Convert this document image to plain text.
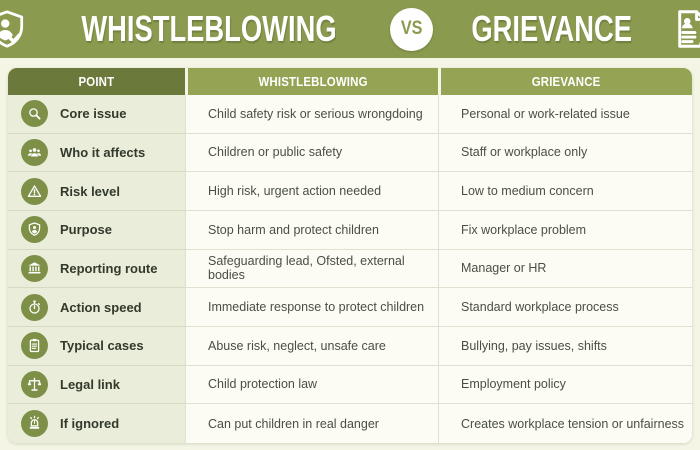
WHISTLEBLOWING	VS GRIEVANCE
POINT	WHISTLEBLOWING	GRIEVANCE
Core issue	Child safety risk or serious wrongdoing	Personal or work-related issue
Who it affects	Children or public safety	Staff or workplace only
Risk level	High risk, urgent action needed	Low to medium concern
Purpose	Stop harm and protect children	Fix workplace problem
Reporting route	Safeguarding lead, Ofsted, external bodies	Manager or HR
Action speed	Immediate response to protect children	Standard workplace process
Typical cases	Abuse risk, neglect, unsafe care	Bullying, pay issues, shifts
Legal link	Child protection law	Employment policy
If ignored	Can put children in real danger	Creates workplace tension or unfairness
